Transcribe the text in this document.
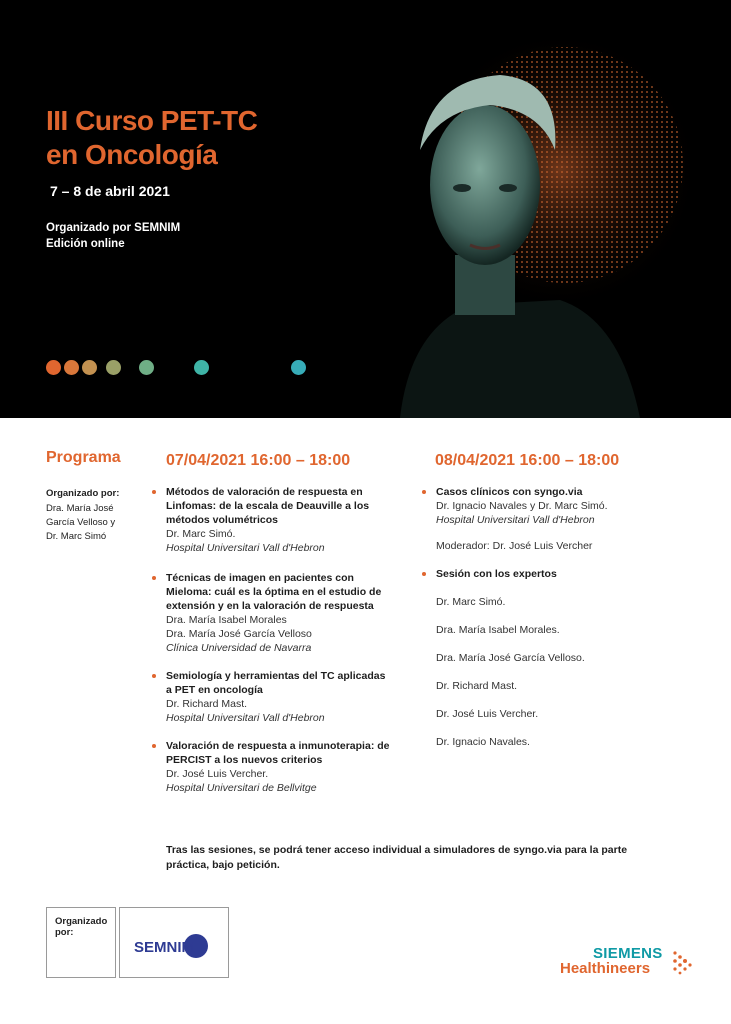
III Curso PET-TC
en Oncología
7 – 8 de abril 2021
Organizado por SEMNIM
Edición online
Programa
Organizado por:
Dra. María José García Velloso y Dr. Marc Simó
07/04/2021 16:00 – 18:00	08/04/2021 16:00 – 18:00
Métodos de valoración de respuesta en Linfomas: de la escala de Deauville a los métodos volumétricos
Dr. Marc Simó.
Hospital Universitari Vall d'Hebron
Técnicas de imagen en pacientes con Mieloma: cuál es la óptima en el estudio de extensión y en la valoración de respuesta
Dra. María Isabel Morales
Dra. María José García Velloso
Clínica Universidad de Navarra
Semiología y herramientas del TC aplicadas a PET en oncología
Dr. Richard Mast.
Hospital Universitari Vall d'Hebron
Valoración de respuesta a inmunoterapia: de PERCIST a los nuevos criterios
Dr. José Luis Vercher.
Hospital Universitari de Bellvitge
Casos clínicos con syngo.via
Dr. Ignacio Navales y Dr. Marc Simó.
Hospital Universitari Vall d'Hebron
Moderador: Dr. José Luis Vercher
Sesión con los expertos
Dr. Marc Simó.
Dra. María Isabel Morales.
Dra. María José García Velloso.
Dr. Richard Mast.
Dr. José Luis Vercher.
Dr. Ignacio Navales.
Tras las sesiones, se podrá tener acceso individual a simuladores de syngo.via para la parte práctica, bajo petición.
Organizado por:
SEMNIM	SIEMENS
Healthineers
